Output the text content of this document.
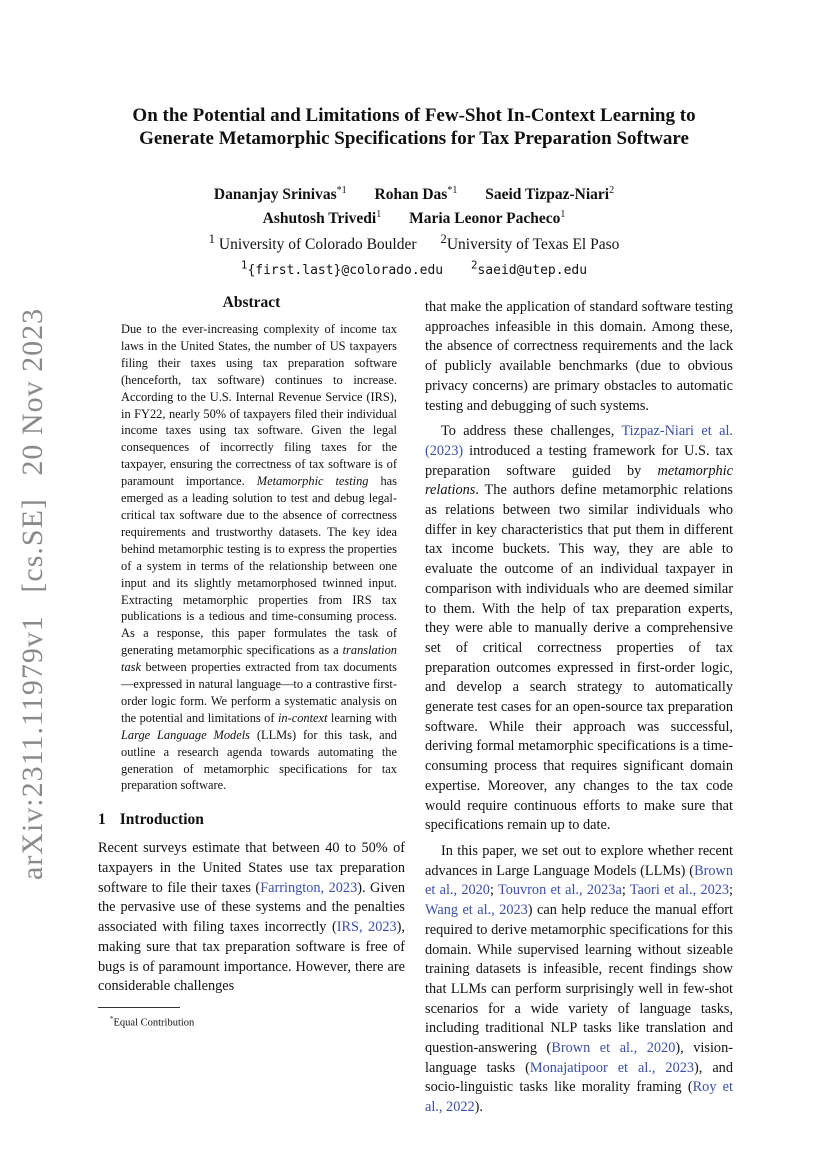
arXiv:2311.11979v1 [cs.SE] 20 Nov 2023
On the Potential and Limitations of Few-Shot In-Context Learning to
Generate Metamorphic Specifications for Tax Preparation Software
Dananjay Srinivas$^{*1}$ Rohan Das$^{*1}$ Saeid Tizpaz-Niari$^2$
Ashutosh Trivedi$^1$ Maria Leonor Pacheco$^1$
$^1$ University of Colorado Boulder $^2$University of Texas El Paso
$^1${first.last}@colorado.edu	$^2$saeid@utep.edu
Abstract

Due to the ever-increasing complexity of income tax laws in the United States, the number of US taxpayers filing their taxes using tax preparation software (henceforth, tax software) continues to increase. According to the U.S. Internal Revenue Service (IRS), in FY22, nearly 50% of taxpayers filed their individual income taxes using tax software. Given the legal consequences of incorrectly filing taxes for the taxpayer, ensuring the correctness of tax software is of paramount importance. Metamorphic testing has emerged as a leading solution to test and debug legal-critical tax software due to the absence of correctness requirements and trustworthy datasets. The key idea behind metamorphic testing is to express the properties of a system in terms of the relationship between one input and its slightly metamorphosed twinned input. Extracting metamorphic properties from IRS tax publications is a tedious and time-consuming process. As a response, this paper formulates the task of generating metamorphic specifications as a translation task between properties extracted from tax documents—expressed in natural language—to a contrastive first-order logic form. We perform a systematic analysis on the potential and limitations of in-context learning with Large Language Models (LLMs) for this task, and outline a research agenda towards automating the generation of metamorphic specifications for tax preparation software.

1 Introduction

Recent surveys estimate that between 40 to 50% of taxpayers in the United States use tax preparation software to file their taxes (Farrington, 2023). Given the pervasive use of these systems and the penalties associated with filing taxes incorrectly (IRS, 2023), making sure that tax preparation software is free of bugs is of paramount importance. However, there are considerable challenges

*Equal Contribution

that make the application of standard software testing approaches infeasible in this domain. Among these, the absence of correctness requirements and the lack of publicly available benchmarks (due to obvious privacy concerns) are primary obstacles to automatic testing and debugging of such systems.

To address these challenges, Tizpaz-Niari et al. (2023) introduced a testing framework for U.S. tax preparation software guided by metamorphic relations. The authors define metamorphic relations as relations between two similar individuals who differ in key characteristics that put them in different tax income buckets. This way, they are able to evaluate the outcome of an individual taxpayer in comparison with individuals who are deemed similar to them. With the help of tax preparation experts, they were able to manually derive a comprehensive set of critical correctness properties of tax preparation outcomes expressed in first-order logic, and develop a search strategy to automatically generate test cases for an open-source tax preparation software. While their approach was successful, deriving formal metamorphic specifications is a time-consuming process that requires significant domain expertise. Moreover, any changes to the tax code would require continuous efforts to make sure that specifications remain up to date.

In this paper, we set out to explore whether recent advances in Large Language Models (LLMs) (Brown et al., 2020; Touvron et al., 2023a; Taori et al., 2023; Wang et al., 2023) can help reduce the manual effort required to derive metamorphic specifications for this domain. While supervised learning without sizeable training datasets is infeasible, recent findings show that LLMs can perform surprisingly well in few-shot scenarios for a wide variety of language tasks, including traditional NLP tasks like translation and question-answering (Brown et al., 2020), vision-language tasks (Monajatipoor et al., 2023), and socio-linguistic tasks like morality framing (Roy et al., 2022).
